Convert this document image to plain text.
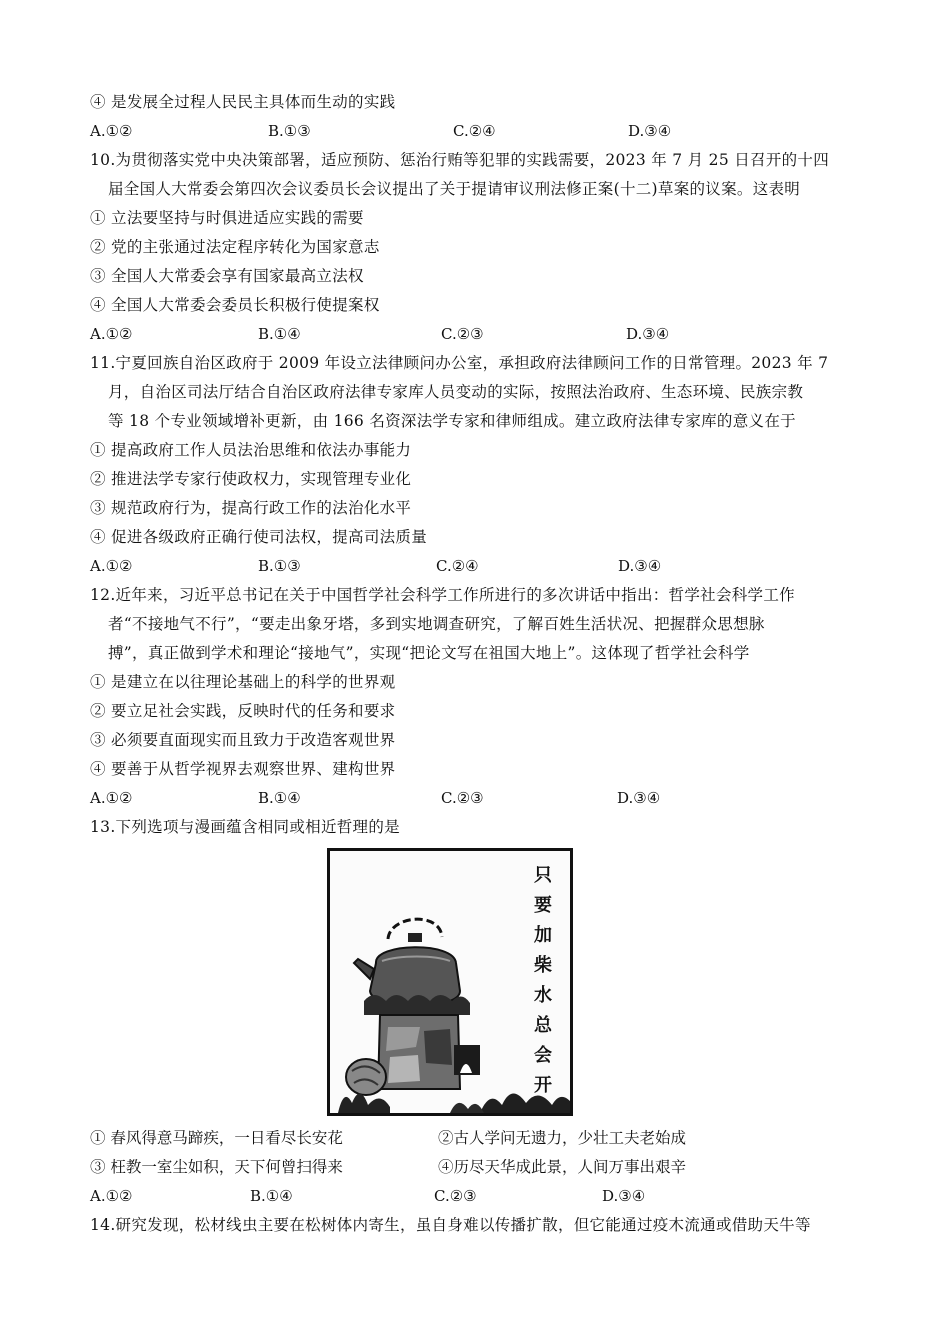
④ 是发展全过程人民民主具体而生动的实践
A.①②	B.①③	C.②④	D.③④
10.为贯彻落实党中央决策部署，适应预防、惩治行贿等犯罪的实践需要，2023 年 7 月 25 日召开的十四
届全国人大常委会第四次会议委员长会议提出了关于提请审议刑法修正案(十二)草案的议案。这表明
① 立法要坚持与时俱进适应实践的需要
② 党的主张通过法定程序转化为国家意志
③ 全国人大常委会享有国家最高立法权
④ 全国人大常委会委员长积极行使提案权
A.①②	B.①④	C.②③	D.③④
11.宁夏回族自治区政府于 2009 年设立法律顾问办公室，承担政府法律顾问工作的日常管理。2023 年 7
月，自治区司法厅结合自治区政府法律专家库人员变动的实际，按照法治政府、生态环境、民族宗教
等 18 个专业领域增补更新，由 166 名资深法学专家和律师组成。建立政府法律专家库的意义在于
① 提高政府工作人员法治思维和依法办事能力
② 推进法学专家行使政权力，实现管理专业化
③ 规范政府行为，提高行政工作的法治化水平
④ 促进各级政府正确行使司法权，提高司法质量
A.①②	B.①③	C.②④	D.③④
12.近年来，习近平总书记在关于中国哲学社会科学工作所进行的多次讲话中指出：哲学社会科学工作
者“不接地气不行”，“要走出象牙塔，多到实地调查研究，了解百姓生活状况、把握群众思想脉
搏”，真正做到学术和理论“接地气”，实现“把论文写在祖国大地上”。这体现了哲学社会科学
① 是建立在以往理论基础上的科学的世界观
② 要立足社会实践，反映时代的任务和要求
③ 必须要直面现实而且致力于改造客观世界
④ 要善于从哲学视界去观察世界、建构世界
A.①②	B.①④	C.②③	D.③④
13.下列选项与漫画蕴含相同或相近哲理的是
只要加柴水总会开
① 春风得意马蹄疾，一日看尽长安花	②古人学问无遗力，少壮工夫老始成
③ 枉教一室尘如积，天下何曾扫得来	④历尽天华成此景，人间万事出艰辛
A.①②	B.①④	C.②③	D.③④
14.研究发现，松材线虫主要在松树体内寄生，虽自身难以传播扩散，但它能通过疫木流通或借助天牛等
